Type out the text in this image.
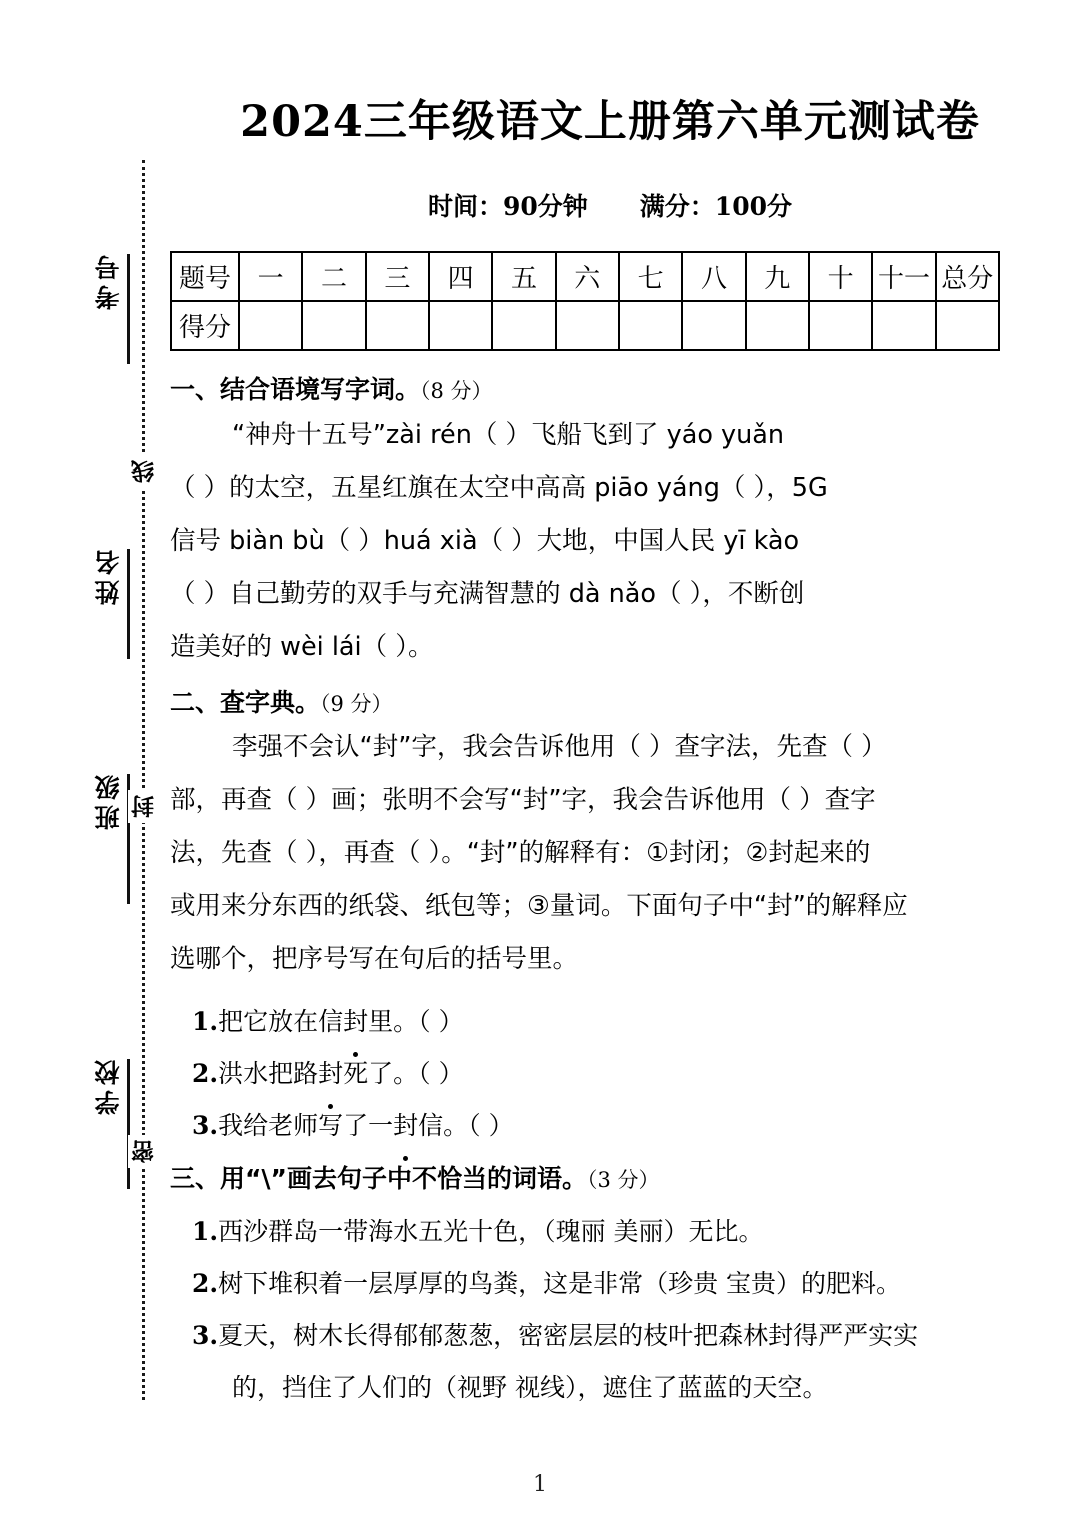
考号
姓名
班级
学校
线
封
密
2024三年级语文上册第六单元测试卷
时间：90分钟 满分：100分
题号	一	二	三	四	五	六	七	八	九	十	十一	总分
得分												
一、结合语境写字词。（8 分）
“神舟十五号”zài rén（ ）飞船飞到了 yáo yuǎn
（ ）的太空，五星红旗在太空中高高 piāo yáng（ ），5G
信号 biàn bù（ ）huá xià（ ）大地，中国人民 yī kào
（ ）自己勤劳的双手与充满智慧的 dà nǎo（ ），不断创
造美好的 wèi lái（ ）。
二、查字典。（9 分）
李强不会认“封”字，我会告诉他用（ ）查字法，先查（ ）
部，再查（ ）画；张明不会写“封”字，我会告诉他用（ ）查字
法，先查（ ），再查（ ）。“封”的解释有：①封闭；②封起来的
或用来分东西的纸袋、纸包等；③量词。下面句子中“封”的解释应
选哪个，把序号写在句后的括号里。
1.把它放在信封里。（ ）
2.洪水把路封死了。（ ）
3.我给老师写了一封信。（ ）
三、用“\”画去句子中不恰当的词语。（3 分）
1.西沙群岛一带海水五光十色，（瑰丽 美丽）无比。
2.树下堆积着一层厚厚的鸟粪，这是非常（珍贵 宝贵）的肥料。
3.夏天，树木长得郁郁葱葱，密密层层的枝叶把森林封得严严实实
的，挡住了人们的（视野 视线），遮住了蓝蓝的天空。
1
